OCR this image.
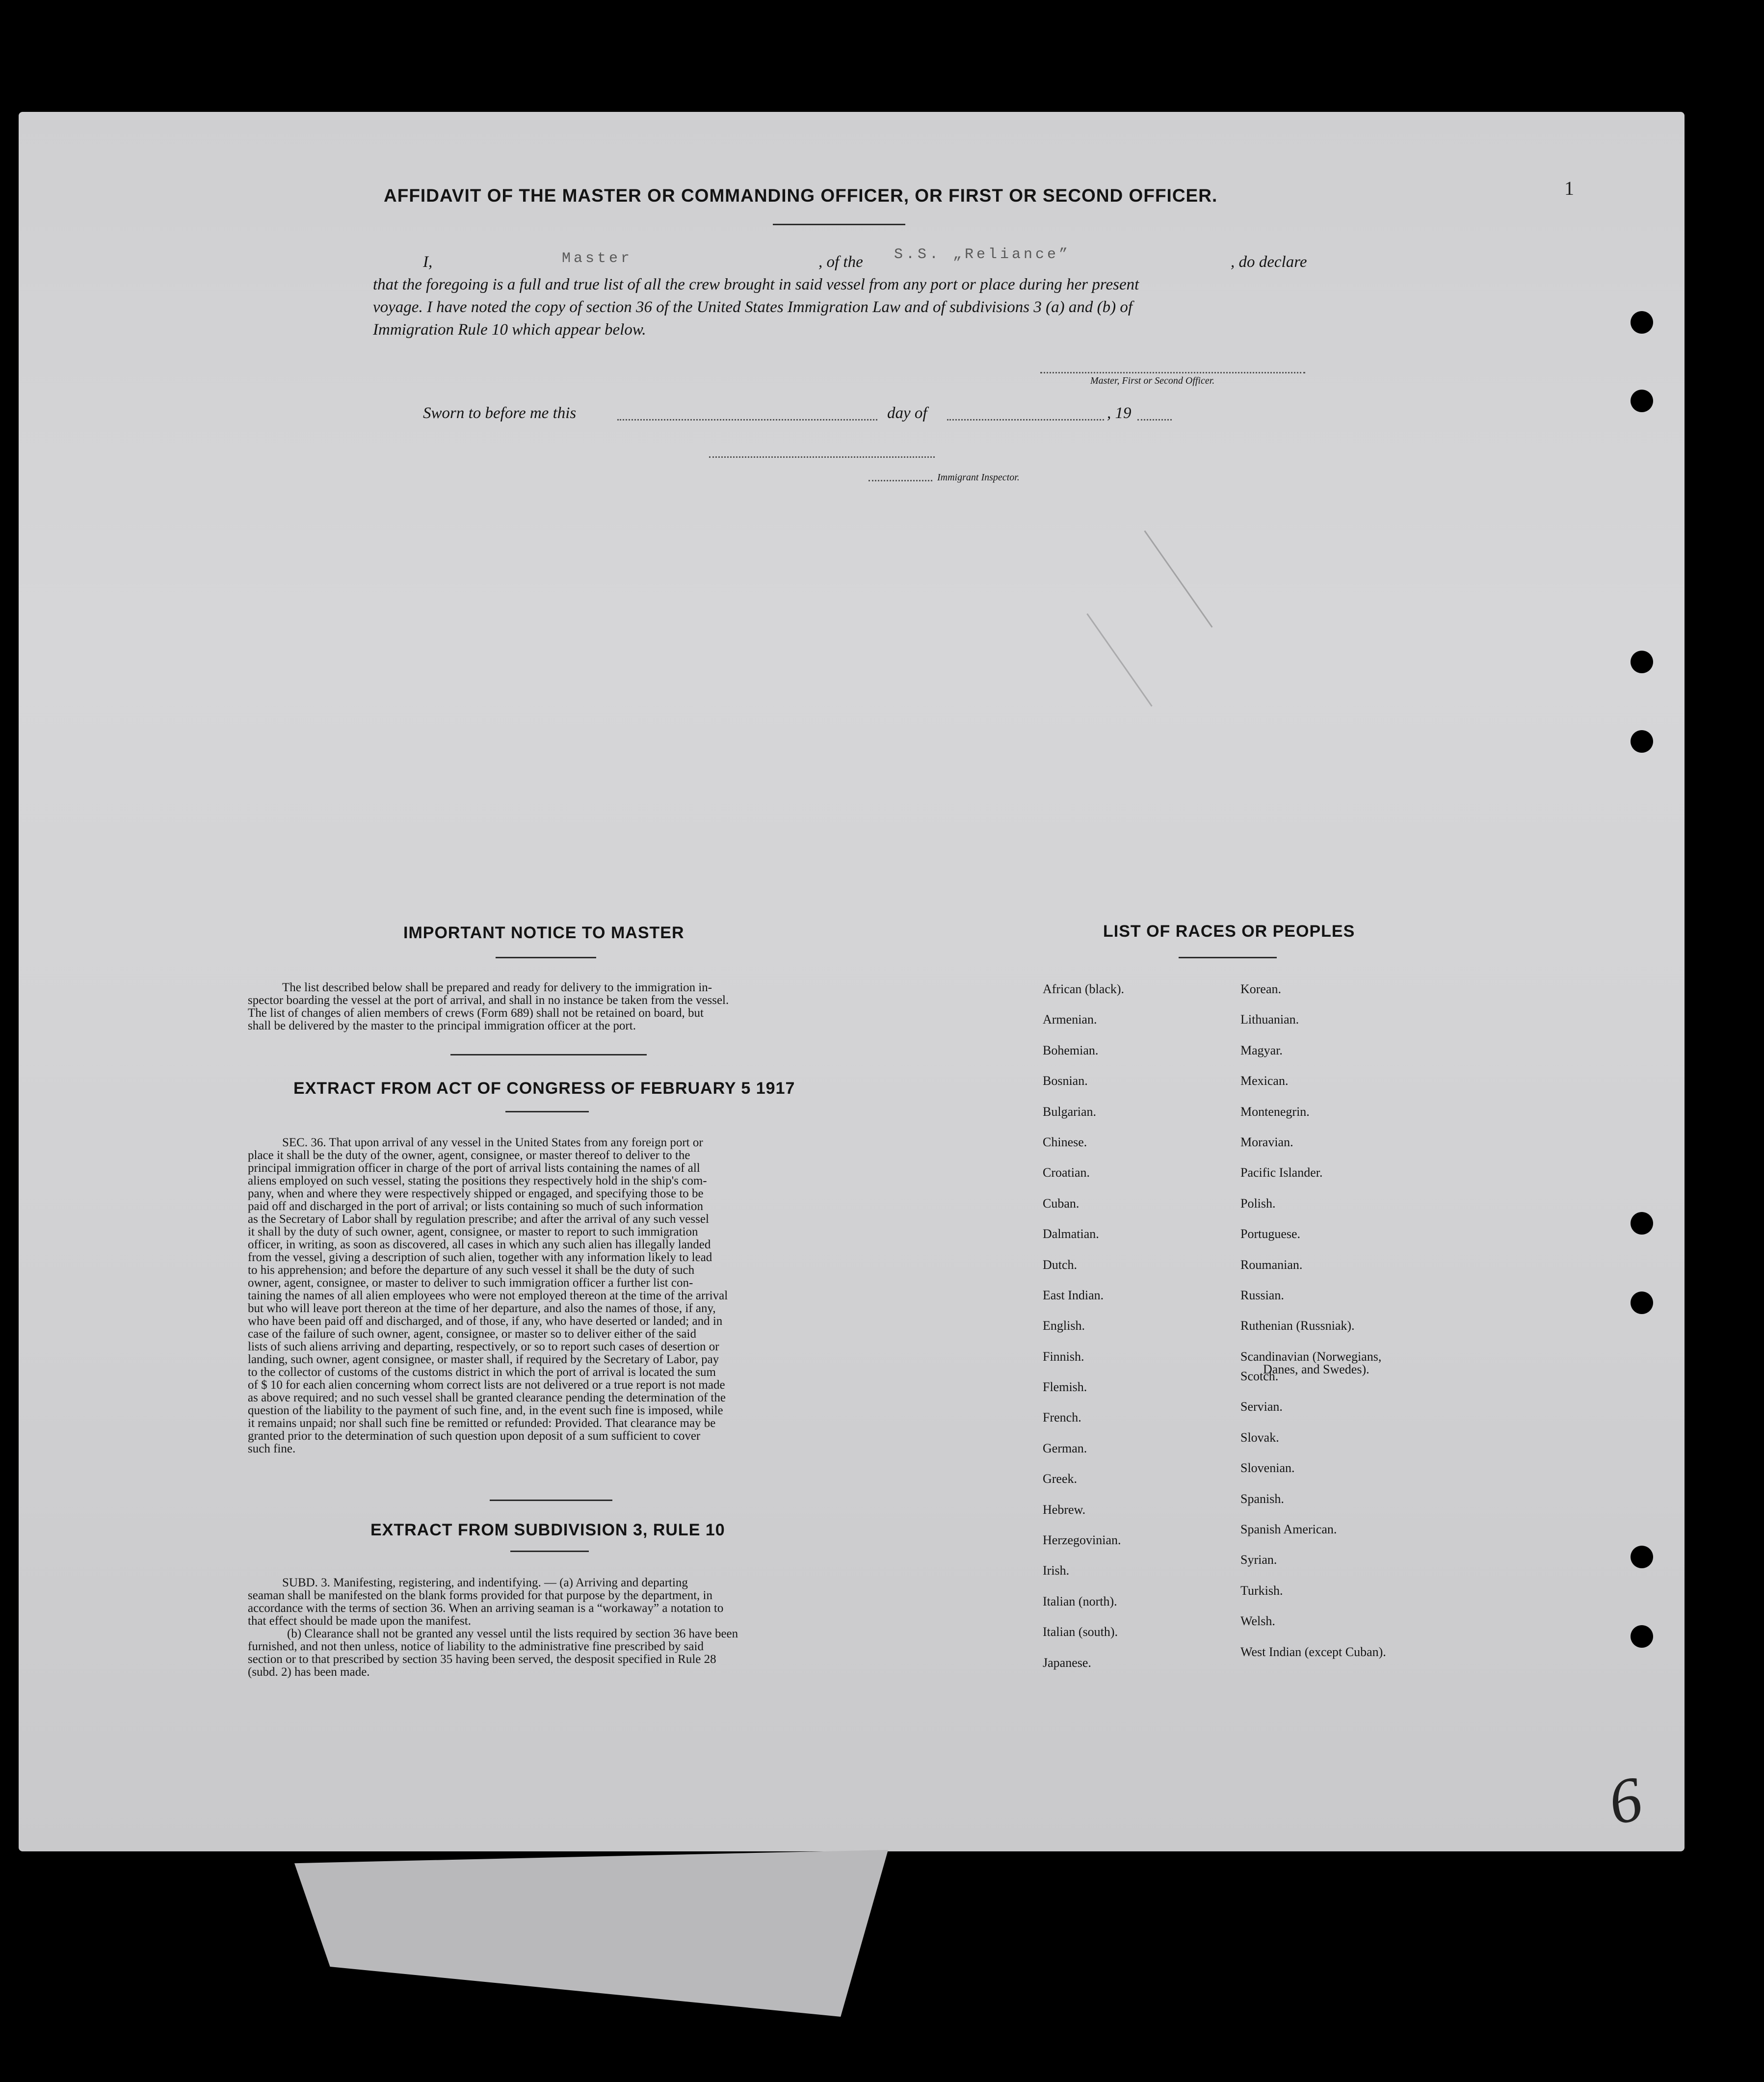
1
6
AFFIDAVIT OF THE MASTER OR COMMANDING OFFICER, OR FIRST OR SECOND OFFICER.
I,	Master	, of the S.S. „Reliance”	, do declare
that the foregoing is a full and true list of all the crew brought in said vessel from any port or place during her present
voyage. I have noted the copy of section 36 of the United States Immigration Law and of subdivisions 3 (a) and (b) of
Immigration Rule 10 which appear below.
Master, First or Second Officer.
Sworn to before me this	day of	, 19
Immigrant Inspector.
IMPORTANT NOTICE TO MASTER
The list described below shall be prepared and ready for delivery to the immigration in-
spector boarding the vessel at the port of arrival, and shall in no instance be taken from the vessel.
The list of changes of alien members of crews (Form 689) shall not be retained on board, but
shall be delivered by the master to the principal immigration officer at the port.
EXTRACT FROM ACT OF CONGRESS OF FEBRUARY 5 1917
SEC. 36. That upon arrival of any vessel in the United States from any foreign port or
place it shall be the duty of the owner, agent, consignee, or master thereof to deliver to the
principal immigration officer in charge of the port of arrival lists containing the names of all
aliens employed on such vessel, stating the positions they respectively hold in the ship's com-
pany, when and where they were respectively shipped or engaged, and specifying those to be
paid off and discharged in the port of arrival; or lists containing so much of such information
as the Secretary of Labor shall by regulation prescribe; and after the arrival of any such vessel
it shall by the duty of such owner, agent, consignee, or master to report to such immigration
officer, in writing, as soon as discovered, all cases in which any such alien has illegally landed
from the vessel, giving a description of such alien, together with any information likely to lead
to his apprehension; and before the departure of any such vessel it shall be the duty of such
owner, agent, consignee, or master to deliver to such immigration officer a further list con-
taining the names of all alien employees who were not employed thereon at the time of the arrival
but who will leave port thereon at the time of her departure, and also the names of those, if any,
who have been paid off and discharged, and of those, if any, who have deserted or landed; and in
case of the failure of such owner, agent, consignee, or master so to deliver either of the said
lists of such aliens arriving and departing, respectively, or so to report such cases of desertion or
landing, such owner, agent consignee, or master shall, if required by the Secretary of Labor, pay
to the collector of customs of the customs district in which the port of arrival is located the sum
of $ 10 for each alien concerning whom correct lists are not delivered or a true report is not made
as above required; and no such vessel shall be granted clearance pending the determination of the
question of the liability to the payment of such fine, and, in the event such fine is imposed, while
it remains unpaid; nor shall such fine be remitted or refunded: Provided. That clearance may be
granted prior to the determination of such question upon deposit of a sum sufficient to cover
such fine.
EXTRACT FROM SUBDIVISION 3, RULE 10
SUBD. 3. Manifesting, registering, and indentifying. — (a) Arriving and departing
seaman shall be manifested on the blank forms provided for that purpose by the department, in
accordance with the terms of section 36. When an arriving seaman is a “workaway” a notation to
that effect should be made upon the manifest.
(b) Clearance shall not be granted any vessel until the lists required by section 36 have been
furnished, and not then unless, notice of liability to the administrative fine prescribed by said
section or to that prescribed by section 35 having been served, the desposit specified in Rule 28
(subd. 2) has been made.
LIST OF RACES OR PEOPLES
African (black).
Armenian.
Bohemian.
Bosnian.
Bulgarian.
Chinese.
Croatian.
Cuban.
Dalmatian.
Dutch.
East Indian.
English.
Finnish.
Flemish.
French.
German.
Greek.
Hebrew.
Herzegovinian.
Irish.
Italian (north).
Italian (south).
Japanese.
Korean.
Lithuanian.
Magyar.
Mexican.
Montenegrin.
Moravian.
Pacific Islander.
Polish.
Portuguese.
Roumanian.
Russian.
Ruthenian (Russniak).
Scandinavian (Norwegians,
Danes, and Swedes).
Scotch.
Servian.
Slovak.
Slovenian.
Spanish.
Spanish American.
Syrian.
Turkish.
Welsh.
West Indian (except Cuban).
